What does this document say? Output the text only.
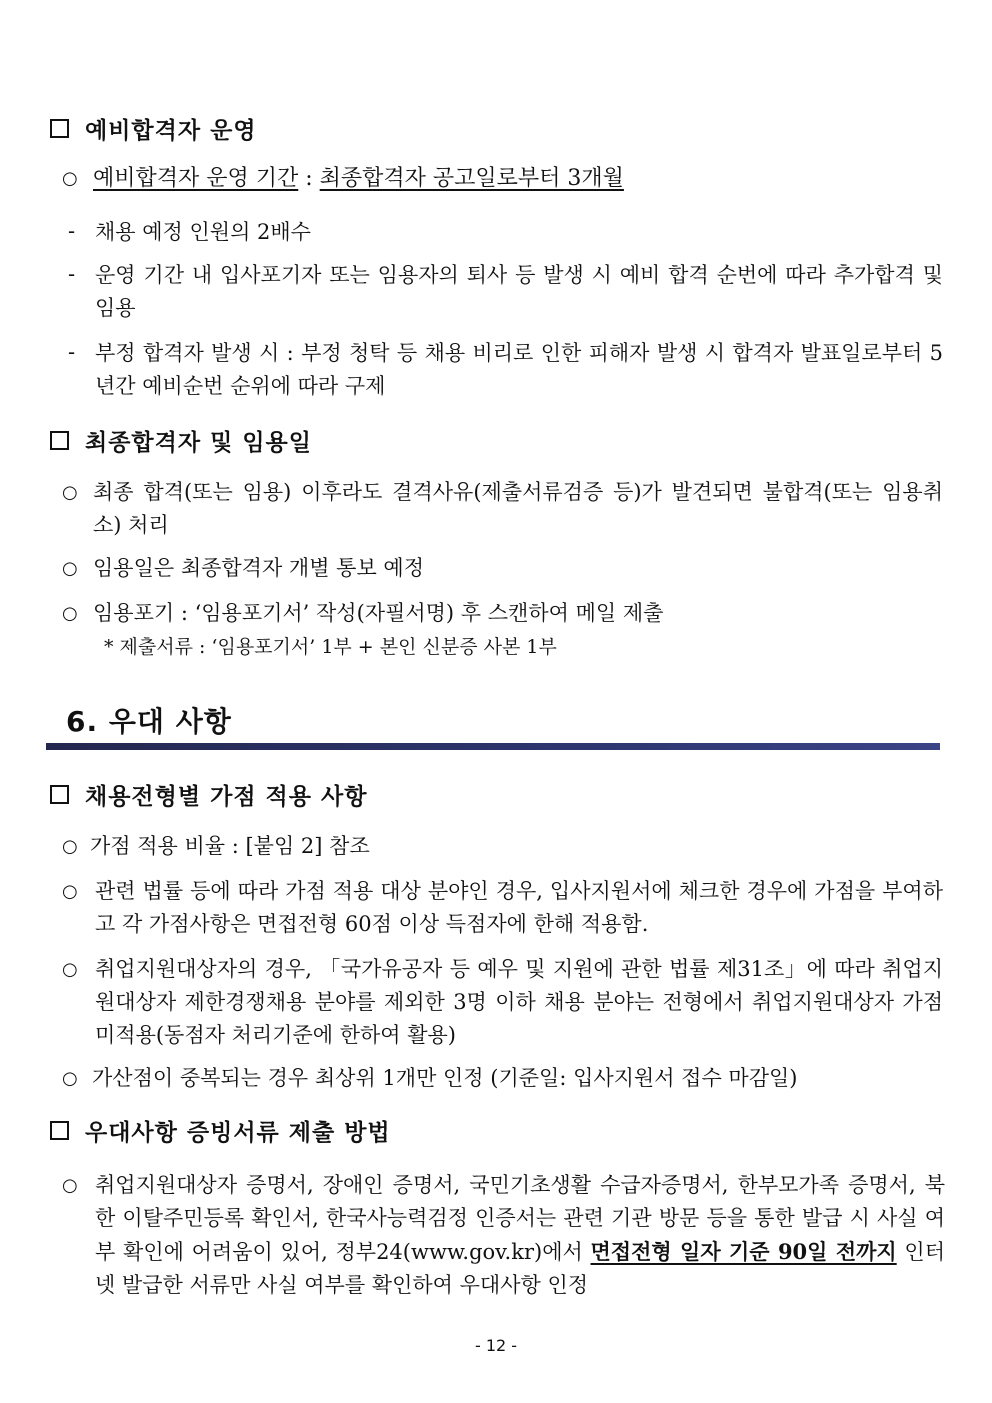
예비합격자 운영
○ 예비합격자 운영 기간 : 최종합격자 공고일로부터 3개월
- 채용 예정 인원의 2배수
- 운영 기간 내 입사포기자 또는 임용자의 퇴사 등 발생 시 예비 합격 순번에 따라 추가합격 및 임용
- 부정 합격자 발생 시 : 부정 청탁 등 채용 비리로 인한 피해자 발생 시 합격자 발표일로부터 5년간 예비순번 순위에 따라 구제
최종합격자 및 임용일
○ 최종 합격(또는 임용) 이후라도 결격사유(제출서류검증 등)가 발견되면 불합격(또는 임용취소) 처리
○ 임용일은 최종합격자 개별 통보 예정
○ 임용포기 : ‘임용포기서’ 작성(자필서명) 후 스캔하여 메일 제출
* 제출서류 : ‘임용포기서’ 1부 + 본인 신분증 사본 1부
6. 우대 사항
채용전형별 가점 적용 사항
○ 가점 적용 비율 : [붙임 2] 참조
○ 관련 법률 등에 따라 가점 적용 대상 분야인 경우, 입사지원서에 체크한 경우에 가점을 부여하고 각 가점사항은 면접전형 60점 이상 득점자에 한해 적용함.
○ 취업지원대상자의 경우, 「국가유공자 등 예우 및 지원에 관한 법률 제31조」에 따라 취업지원대상자 제한경쟁채용 분야를 제외한 3명 이하 채용 분야는 전형에서 취업지원대상자 가점 미적용(동점자 처리기준에 한하여 활용)
○ 가산점이 중복되는 경우 최상위 1개만 인정 (기준일: 입사지원서 접수 마감일)
우대사항 증빙서류 제출 방법
○ 취업지원대상자 증명서, 장애인 증명서, 국민기초생활 수급자증명서, 한부모가족 증명서, 북한 이탈주민등록 확인서, 한국사능력검정 인증서는 관련 기관 방문 등을 통한 발급 시 사실 여부 확인에 어려움이 있어, 정부24(www.gov.kr)에서 면접전형 일자 기준 90일 전까지 인터넷 발급한 서류만 사실 여부를 확인하여 우대사항 인정
- 12 -
